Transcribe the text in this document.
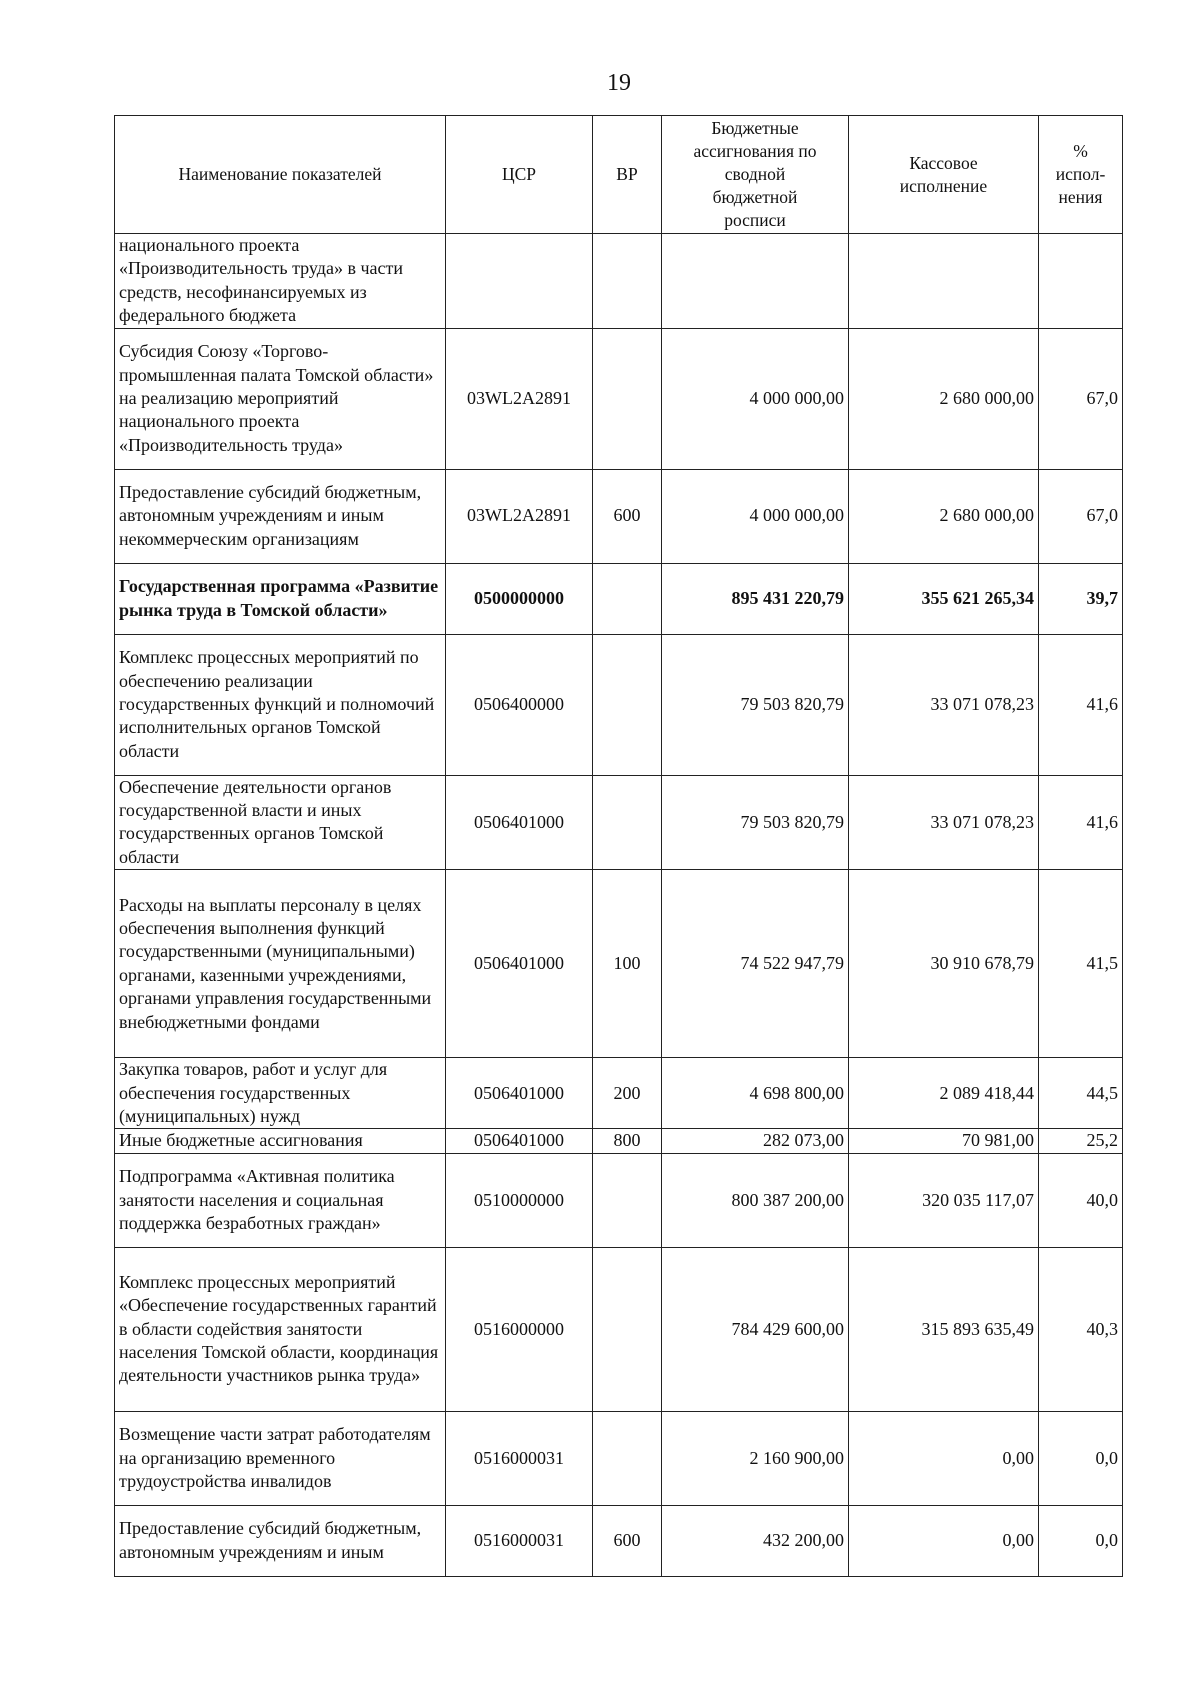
19
Наименование показателей	ЦСР	ВР	Бюджетные ассигнования по сводной бюджетной росписи	Кассовое исполнение	% испол-нения
национального проекта «Производительность труда» в части средств, несофинансируемых из федерального бюджета					
Субсидия Союзу «Торгово-промышленная палата Томской области» на реализацию мероприятий национального проекта «Производительность труда»	03WL2A2891		4 000 000,00	2 680 000,00	67,0
Предоставление субсидий бюджетным, автономным учреждениям и иным некоммерческим организациям	03WL2A2891	600	4 000 000,00	2 680 000,00	67,0
Государственная программа «Развитие рынка труда в Томской области»	0500000000		895 431 220,79	355 621 265,34	39,7
Комплекс процессных мероприятий по обеспечению реализации государственных функций и полномочий исполнительных органов Томской области	0506400000		79 503 820,79	33 071 078,23	41,6
Обеспечение деятельности органов государственной власти и иных государственных органов Томской области	0506401000		79 503 820,79	33 071 078,23	41,6
Расходы на выплаты персоналу в целях обеспечения выполнения функций государственными (муниципальными) органами, казенными учреждениями, органами управления государственными внебюджетными фондами	0506401000	100	74 522 947,79	30 910 678,79	41,5
Закупка товаров, работ и услуг для обеспечения государственных (муниципальных) нужд	0506401000	200	4 698 800,00	2 089 418,44	44,5
Иные бюджетные ассигнования	0506401000	800	282 073,00	70 981,00	25,2
Подпрограмма «Активная политика занятости населения и социальная поддержка безработных граждан»	0510000000		800 387 200,00	320 035 117,07	40,0
Комплекс процессных мероприятий «Обеспечение государственных гарантий в области содействия занятости населения Томской области, координация деятельности участников рынка труда»	0516000000		784 429 600,00	315 893 635,49	40,3
Возмещение части затрат работодателям на организацию временного трудоустройства инвалидов	0516000031		2 160 900,00	0,00	0,0
Предоставление субсидий бюджетным, автономным учреждениям и иным	0516000031	600	432 200,00	0,00	0,0
